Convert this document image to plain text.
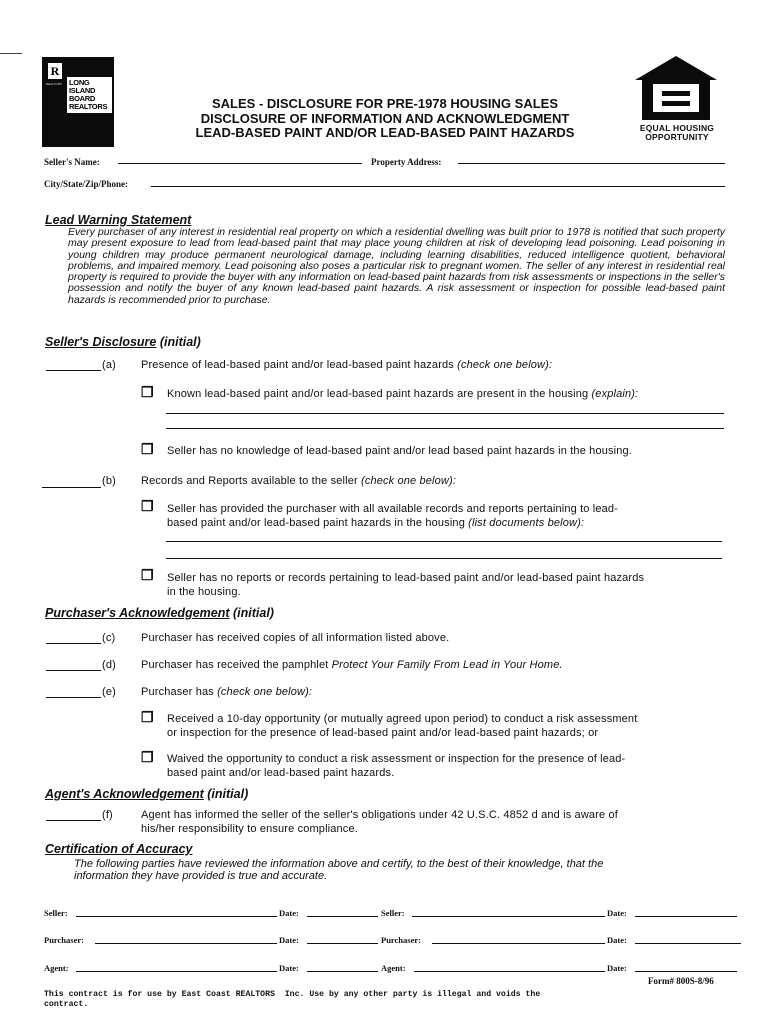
R
REALTOR® LONG
ISLAND
BOARD
REALTORS	SALES - DISCLOSURE FOR PRE-1978 HOUSING SALES
DISCLOSURE OF INFORMATION AND ACKNOWLEDGMENT
LEAD-BASED PAINT AND/OR LEAD-BASED PAINT HAZARDS	EQUAL HOUSING
OPPORTUNITY
Seller's Name:	Property Address:
City/State/Zip/Phone:
Lead Warning Statement
Every purchaser of any interest in residential real property on which a residential dwelling was built prior to 1978 is notified that such property may present exposure to lead from lead-based paint that may place young children at risk of developing lead poisoning. Lead poisoning in young children may produce permanent neurological damage, including learning disabilities, reduced intelligence quotient, behavioral problems, and impaired memory. Lead poisoning also poses a particular risk to pregnant women. The seller of any interest in residential real property is required to provide the buyer with any information on lead-based paint hazards from risk assessments or inspections in the seller's possession and notify the buyer of any known lead-based paint hazards. A risk assessment or inspection for possible lead-based paint hazards is recommended prior to purchase.
Seller's Disclosure (initial)
(a) Presence of lead-based paint and/or lead-based paint hazards (check one below):
❒ Known lead-based paint and/or lead-based paint hazards are present in the housing (explain):
❒ Seller has no knowledge of lead-based paint and/or lead based paint hazards in the housing.
(b) Records and Reports available to the seller (check one below):
❒ Seller has provided the purchaser with all available records and reports pertaining to lead-
based paint and/or lead-based paint hazards in the housing (list documents below):
❒ Seller has no reports or records pertaining to lead-based paint and/or lead-based paint hazards
in the housing.
Purchaser's Acknowledgement (initial)
(c) Purchaser has received copies of all information listed above.
(d) Purchaser has received the pamphlet Protect Your Family From Lead in Your Home.
(e) Purchaser has (check one below):
❒ Received a 10-day opportunity (or mutually agreed upon period) to conduct a risk assessment
or inspection for the presence of lead-based paint and/or lead-based paint hazards; or
❒ Waived the opportunity to conduct a risk assessment or inspection for the presence of lead-
based paint and/or lead-based paint hazards.
Agent's Acknowledgement (initial)
(f)	Agent has informed the seller of the seller's obligations under 42 U.S.C. 4852 d and is aware of
his/her responsibility to ensure compliance.
Certification of Accuracy
The following parties have reviewed the information above and certify, to the best of their knowledge, that the
information they have provided is true and accurate.
Seller:	Date:	Seller:	Date:
Purchaser:	Date:	Purchaser:	Date:
Agent:	Date:	Agent:	Date:
Form# 800S-8/96
This contract is for use by East Coast REALTORS  Inc. Use by any other party is illegal and voids the
contract.
